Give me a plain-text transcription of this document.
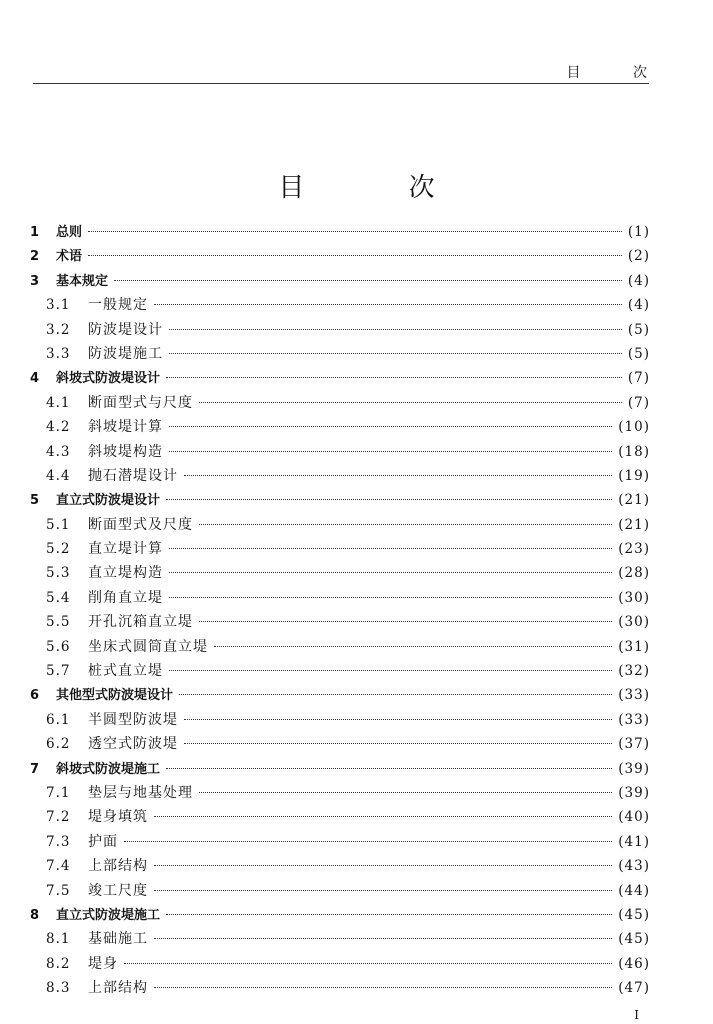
目 次
目 次
1	总则	(1)
2	术语	(2)
3	基本规定	(4)
3.1	一般规定	(4)
3.2	防波堤设计	(5)
3.3	防波堤施工	(5)
4	斜坡式防波堤设计	(7)
4.1	断面型式与尺度	(7)
4.2	斜坡堤计算	(10)
4.3	斜坡堤构造	(18)
4.4	抛石潜堤设计	(19)
5	直立式防波堤设计	(21)
5.1	断面型式及尺度	(21)
5.2	直立堤计算	(23)
5.3	直立堤构造	(28)
5.4	削角直立堤	(30)
5.5	开孔沉箱直立堤	(30)
5.6	坐床式圆筒直立堤	(31)
5.7	桩式直立堤	(32)
6	其他型式防波堤设计	(33)
6.1	半圆型防波堤	(33)
6.2	透空式防波堤	(37)
7	斜坡式防波堤施工	(39)
7.1	垫层与地基处理	(39)
7.2	堤身填筑	(40)
7.3	护面	(41)
7.4	上部结构	(43)
7.5	竣工尺度	(44)
8	直立式防波堤施工	(45)
8.1	基础施工	(45)
8.2	堤身	(46)
8.3	上部结构	(47)
I
